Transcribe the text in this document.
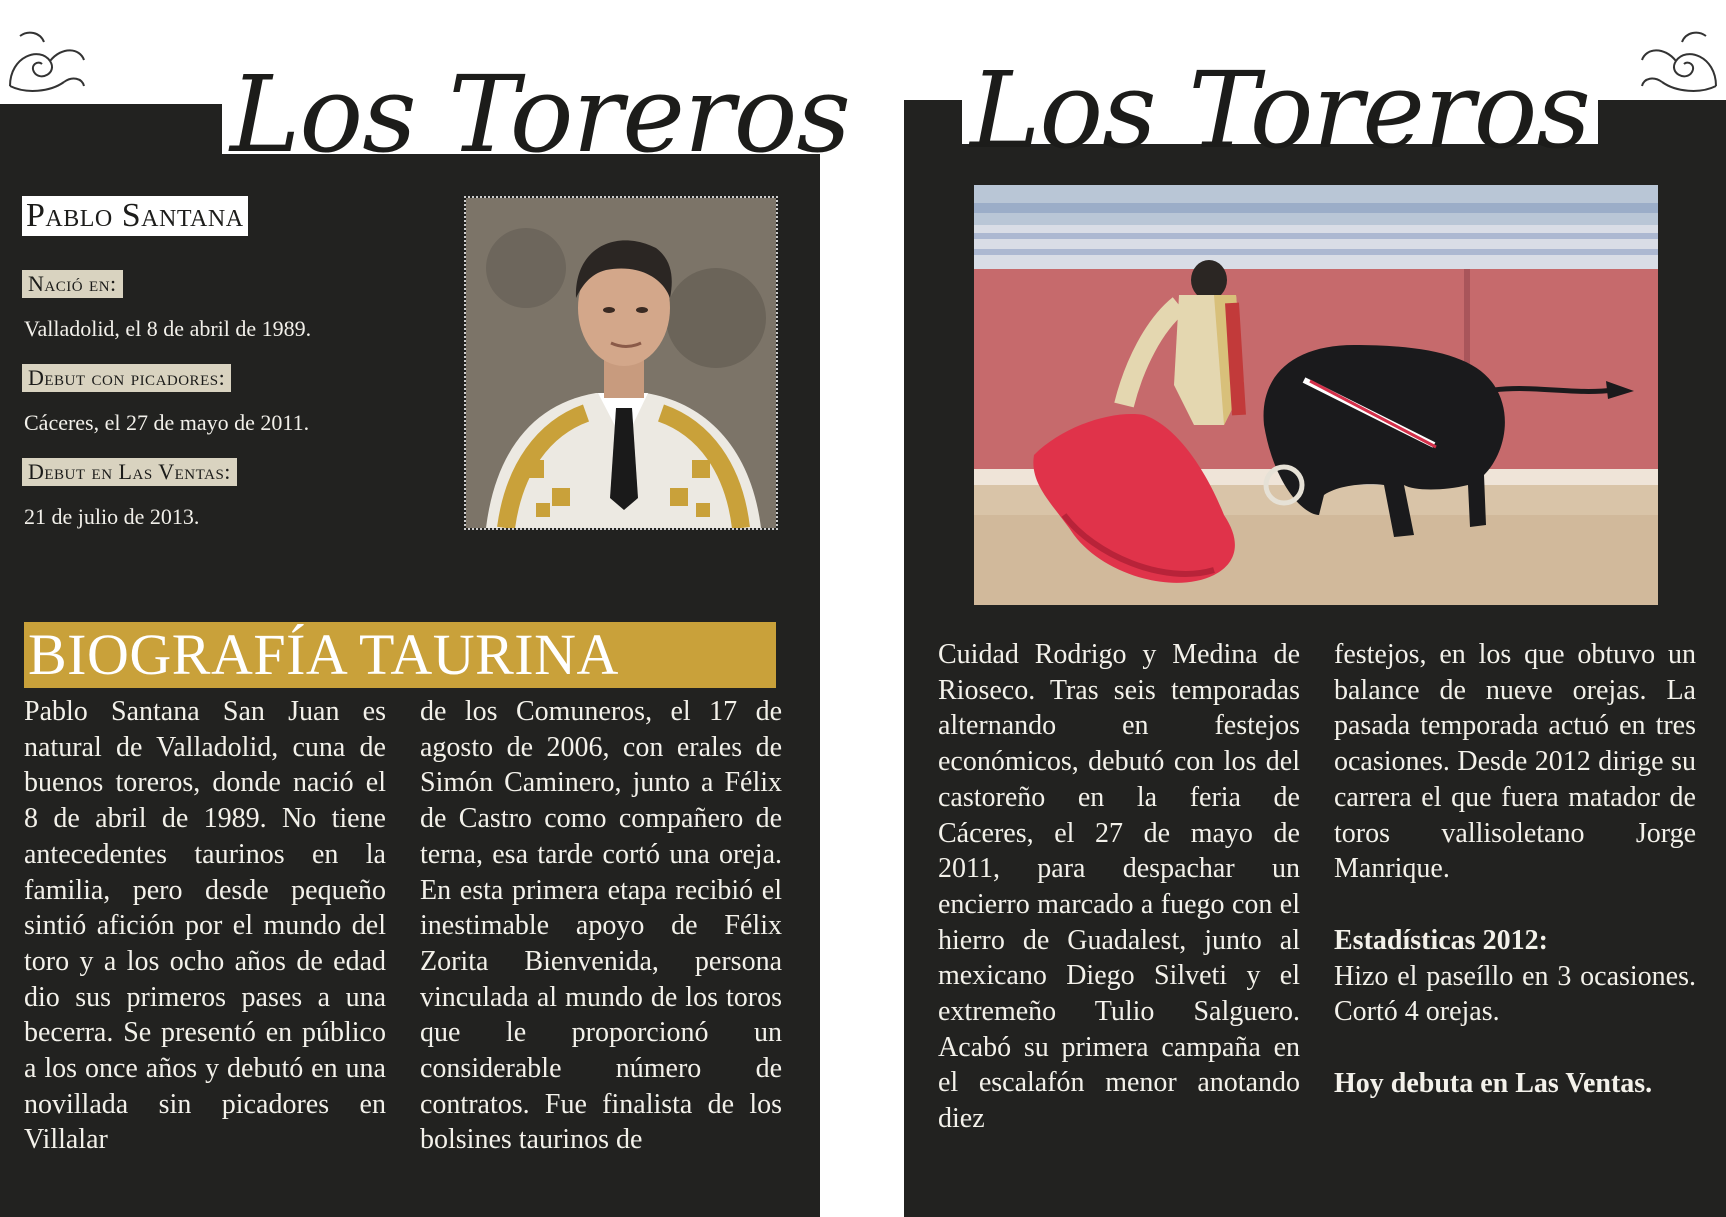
Los Toreros
Pablo Santana
Nació en:
Valladolid, el 8 de abril de 1989.
Debut con picadores:
Cáceres, el 27 de mayo de 2011.
Debut en Las Ventas:
21 de julio de 2013.
BIOGRAFÍA TAURINA

Pablo Santana San Juan es natural de Valladolid, cuna de buenos toreros, donde nació el 8 de abril de 1989. No tiene antecedentes taurinos en la familia, pero desde pequeño sintió afición por el mundo del toro y a los ocho años de edad dio sus primeros pases a una becerra. Se presentó en público a los once años y debutó en una novillada sin picadores en Villalar

de los Comuneros, el 17 de agosto de 2006, con erales de Simón Caminero, junto a Félix de Castro como compañero de terna, esa tarde cortó una oreja. En esta primera etapa recibió el inestimable apoyo de Félix Zorita Bienvenida, persona vinculada al mundo de los toros que le proporcionó un considerable número de contratos. Fue finalista de los bolsines taurinos de

Los Toreros

Cuidad Rodrigo y Medina de Rioseco. Tras seis temporadas alternando en festejos económicos, debutó con los del castoreño en la feria de Cáceres, el 27 de mayo de 2011, para despachar un encierro marcado a fuego con el hierro de Guadalest, junto al mexicano Diego Silveti y el extremeño Tulio Salguero. Acabó su primera campaña en el escalafón menor anotando diez

festejos, en los que obtuvo un balance de nueve orejas. La pasada temporada actuó en tres ocasiones. Desde 2012 dirige su carrera el que fuera matador de toros vallisoletano Jorge Manrique.

Estadísticas 2012:

Hizo el paseíllo en 3 ocasiones. Cortó 4 orejas.

Hoy debuta en Las Ventas.
